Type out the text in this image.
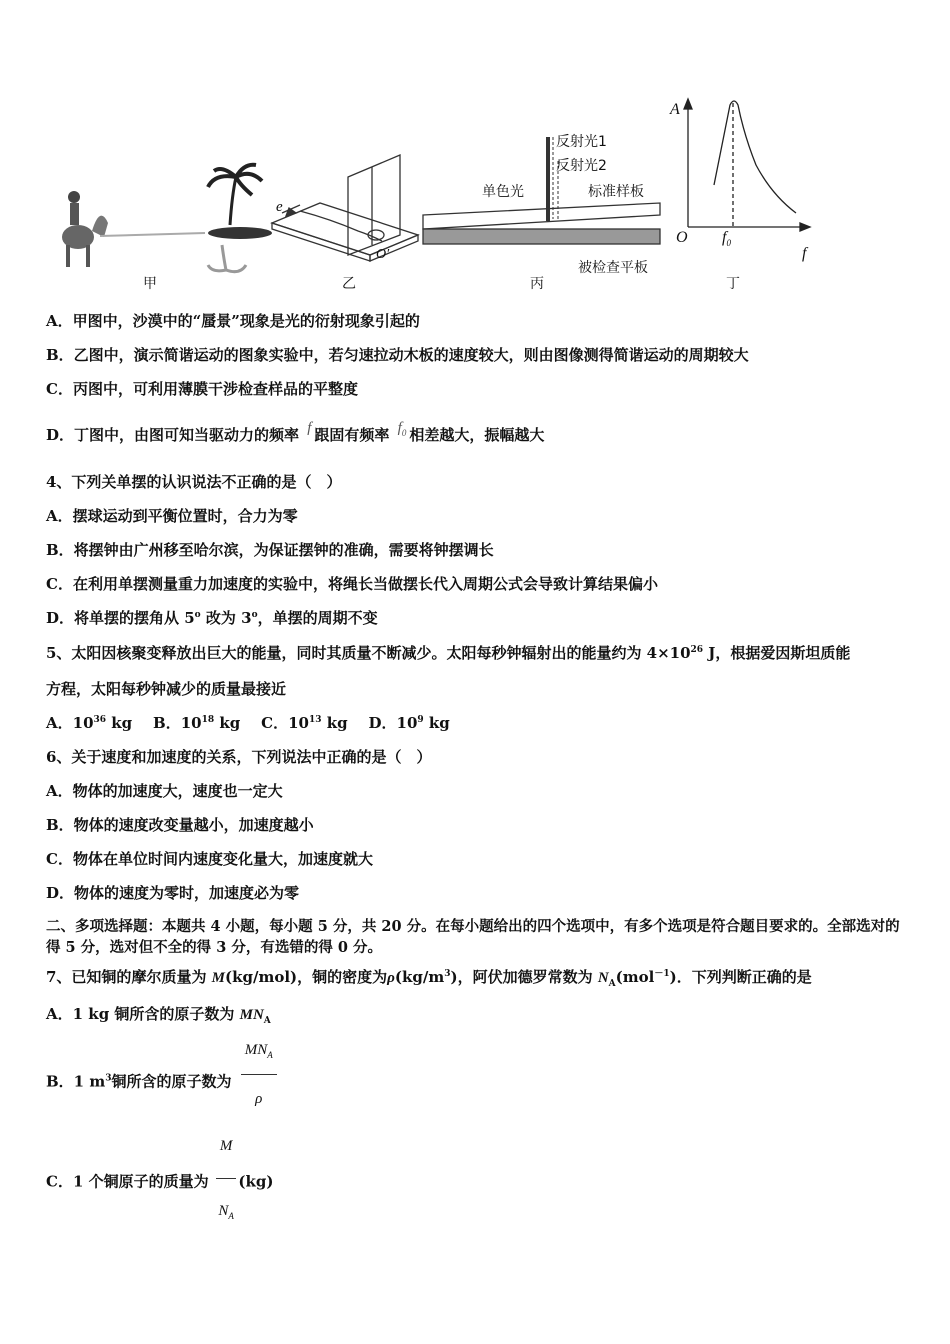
甲	乙	丙	丁
e
O′
反射光1
反射光2
单色光	标准样板
被检查平板
A
O $f_0$
f
A．甲图中，沙漠中的“蜃景”现象是光的衍射现象引起的
B．乙图中，演示简谐运动的图象实验中，若匀速拉动木板的速度较大，则由图像测得简谐运动的周期较大
C．丙图中，可利用薄膜干涉检查样品的平整度
D．丁图中，由图可知当驱动力的频率 f 跟固有频率 $f_0$ 相差越大，振幅越大
4、下列关单摆的认识说法不正确的是（　）
A．摆球运动到平衡位置时，合力为零
B．将摆钟由广州移至哈尔滨，为保证摆钟的准确，需要将钟摆调长
C．在利用单摆测量重力加速度的实验中，将绳长当做摆长代入周期公式会导致计算结果偏小
D．将单摆的摆角从 5$^o$ 改为 3$^o$，单摆的周期不变
5、太阳因核聚变释放出巨大的能量，同时其质量不断减少。太阳每秒钟辐射出的能量约为 $4\times 10^{26}$ J，根据爱因斯坦质能
方程，太阳每秒钟减少的质量最接近
A．$10^{36}$ kg B．$10^{18}$ kg C．$10^{13}$ kg D．$10^9$ kg
6、关于速度和加速度的关系，下列说法中正确的是（　）
A．物体的加速度大，速度也一定大
B．物体的速度改变量越小，加速度越小
C．物体在单位时间内速度变化量大，加速度就大
D．物体的速度为零时，加速度必为零
二、多项选择题：本题共 4 小题，每小题 5 分，共 20 分。在每小题给出的四个选项中，有多个选项是符合题目要求的。全部选对的得 5 分，选对但不全的得 3 分，有选错的得 0 分。
7、已知铜的摩尔质量为 M(kg/mol)，铜的密度为$\rho(kg/m^3)$，阿伏加德罗常数为 $N_A(mol^{-1})$．下列判断正确的是
A．1 kg 铜所含的原子数为 $MN_A$
B．1 $m^3$铜所含的原子数为 $\frac{MN_A}{\rho}$
C．1 个铜原子的质量为 $\frac{M}{N_A} (kg)$
